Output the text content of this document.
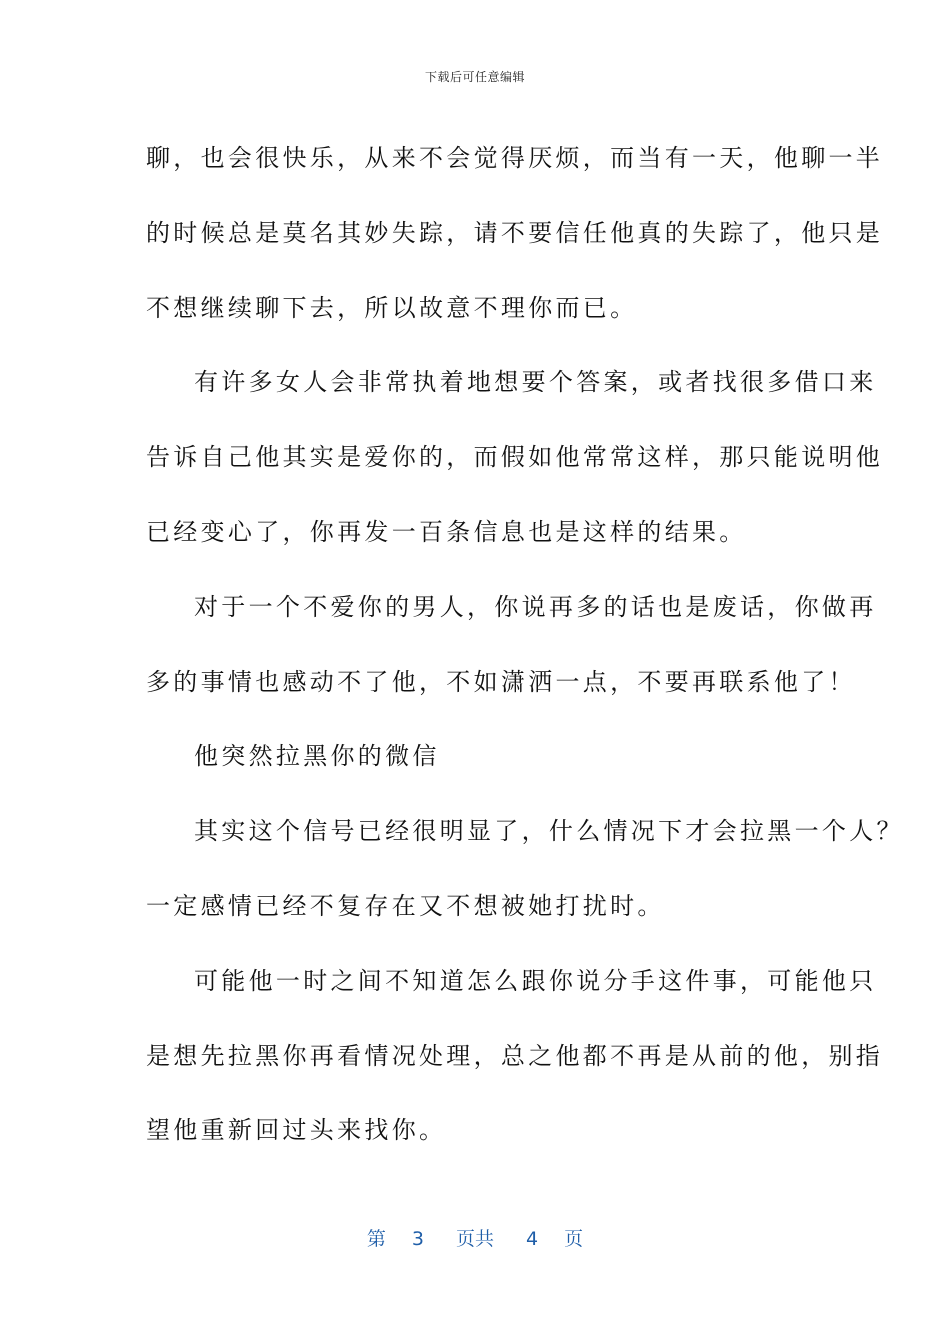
下载后可任意编辑
聊，也会很快乐，从来不会觉得厌烦，而当有一天，他聊一半
的时候总是莫名其妙失踪，请不要信任他真的失踪了，他只是
不想继续聊下去，所以故意不理你而已。
有许多女人会非常执着地想要个答案，或者找很多借口来
告诉自己他其实是爱你的，而假如他常常这样，那只能说明他
已经变心了，你再发一百条信息也是这样的结果。
对于一个不爱你的男人，你说再多的话也是废话，你做再
多的事情也感动不了他，不如潇洒一点，不要再联系他了！
他突然拉黑你的微信
其实这个信号已经很明显了，什么情况下才会拉黑一个人？
一定感情已经不复存在又不想被她打扰时。
可能他一时之间不知道怎么跟你说分手这件事，可能他只
是想先拉黑你再看情况处理，总之他都不再是从前的他，别指
望他重新回过头来找你。
第 3 页共 4 页
